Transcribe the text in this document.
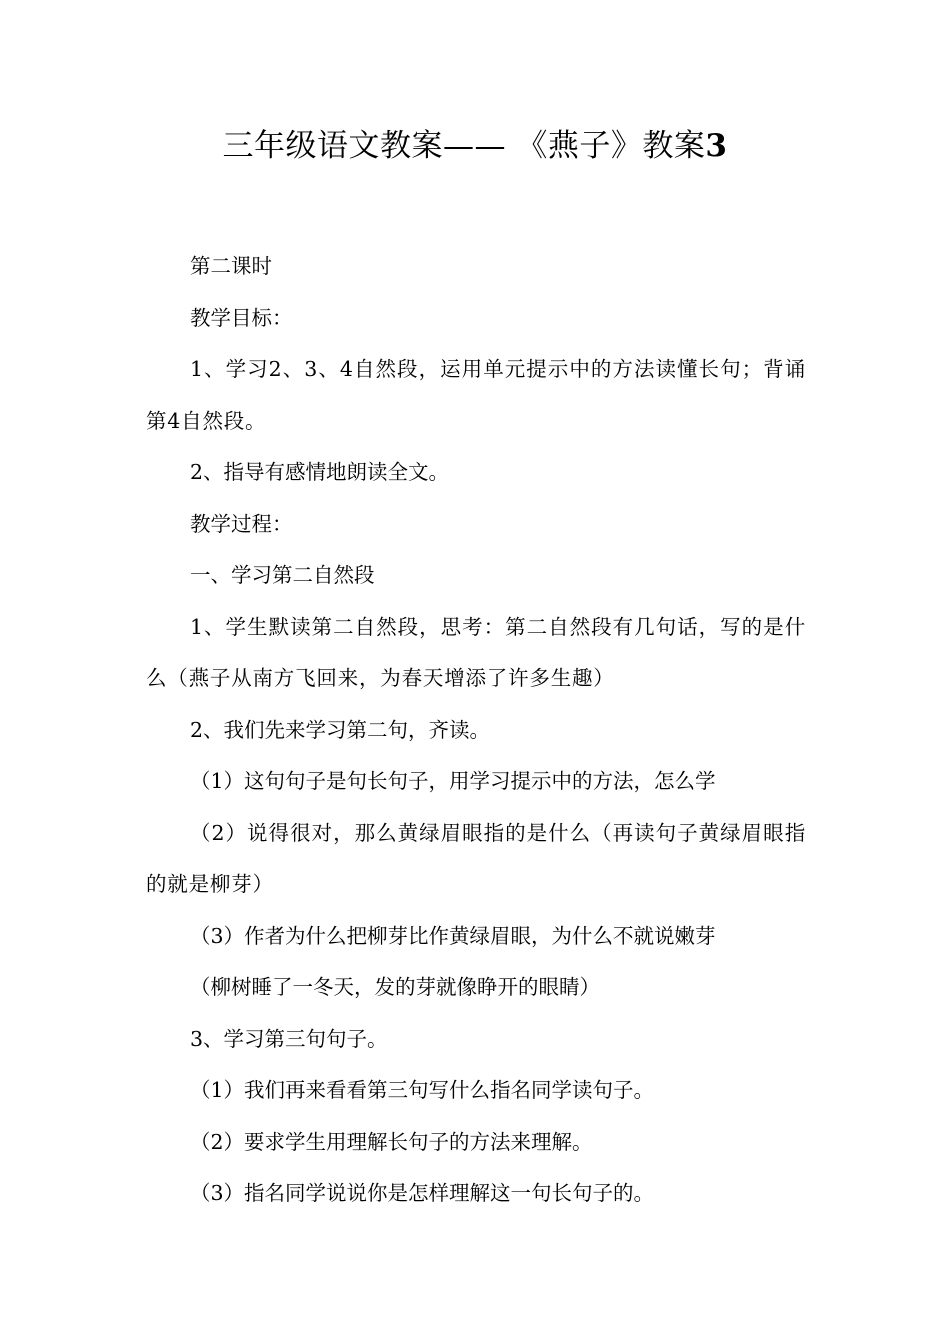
三年级语文教案—— 《燕子》教案3

第二课时

教学目标：

1、学习2、3、4自然段，运用单元提示中的方法读懂长句；背诵第4自然段。

2、指导有感情地朗读全文。

教学过程：

一、学习第二自然段

1、学生默读第二自然段，思考：第二自然段有几句话，写的是什么（燕子从南方飞回来，为春天增添了许多生趣）

2、我们先来学习第二句，齐读。

（1）这句句子是句长句子，用学习提示中的方法，怎么学

（2）说得很对，那么黄绿眉眼指的是什么（再读句子黄绿眉眼指的就是柳芽）

（3）作者为什么把柳芽比作黄绿眉眼，为什么不就说嫩芽

（柳树睡了一冬天，发的芽就像睁开的眼睛）

3、学习第三句句子。

（1）我们再来看看第三句写什么指名同学读句子。

（2）要求学生用理解长句子的方法来理解。

（3）指名同学说说你是怎样理解这一句长句子的。
